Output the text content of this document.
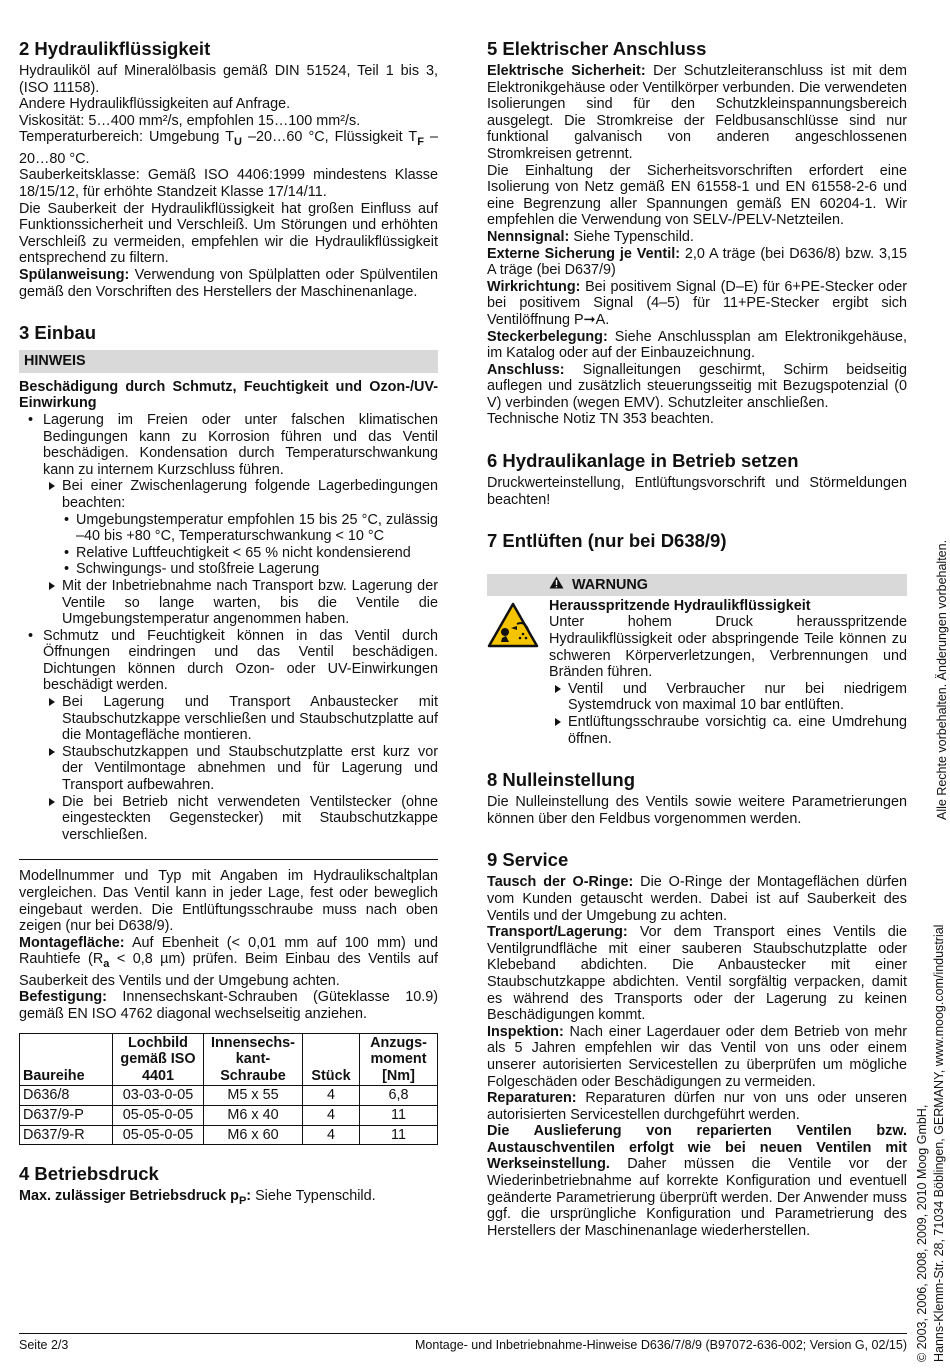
2 Hydraulikflüssigkeit

Hydrauliköl auf Mineralölbasis gemäß DIN 51524, Teil 1 bis 3, (ISO 11158).

Andere Hydraulikflüssigkeiten auf Anfrage.

Viskosität: 5…400 mm²/s, empfohlen 15…100 mm²/s.

Temperaturbereich: Umgebung $T_U$ –20…60 °C, Flüssigkeit $T_F$ –20…80 °C.

Sauberkeitsklasse: Gemäß ISO 4406:1999 mindestens Klasse 18/15/12, für erhöhte Standzeit Klasse 17/14/11.

Die Sauberkeit der Hydraulikflüssigkeit hat großen Einfluss auf Funktionssicherheit und Verschleiß. Um Störungen und erhöhten Verschleiß zu vermeiden, empfehlen wir die Hydraulikflüssigkeit entsprechend zu filtern.

Spülanweisung: Verwendung von Spülplatten oder Spülventilen gemäß den Vorschriften des Herstellers der Maschinenanlage.

3 Einbau
HINWEIS

Beschädigung durch Schmutz, Feuchtigkeit und Ozon-/UV-Einwirkung

• Lagerung im Freien oder unter falschen klimatischen Bedingungen kann zu Korrosion führen und das Ventil beschädigen. Kondensation durch Temperaturschwankung kann zu internem Kurzschluss führen.
Bei einer Zwischenlagerung folgende Lagerbedingungen beachten:
• Umgebungstemperatur empfohlen 15 bis 25 °C, zulässig –40 bis +80 °C, Temperaturschwankung < 10 °C
• Relative Luftfeuchtigkeit < 65 % nicht kondensierend
• Schwingungs- und stoßfreie Lagerung
Mit der Inbetriebnahme nach Transport bzw. Lagerung der Ventile so lange warten, bis die Ventile die Umgebungstemperatur angenommen haben.
• Schmutz und Feuchtigkeit können in das Ventil durch Öffnungen eindringen und das Ventil beschädigen. Dichtungen können durch Ozon- oder UV-Einwirkungen beschädigt werden.
Bei Lagerung und Transport Anbaustecker mit Staubschutzkappe verschließen und Staubschutzplatte auf die Montagefläche montieren.
Staubschutzkappen und Staubschutzplatte erst kurz vor der Ventilmontage abnehmen und für Lagerung und Transport aufbewahren.
Die bei Betrieb nicht verwendeten Ventilstecker (ohne eingesteckten Gegenstecker) mit Staubschutzkappe verschließen.

Modellnummer und Typ mit Angaben im Hydraulikschaltplan vergleichen. Das Ventil kann in jeder Lage, fest oder beweglich eingebaut werden. Die Entlüftungsschraube muss nach oben zeigen (nur bei D638/9).

Montagefläche: Auf Ebenheit (< 0,01 mm auf 100 mm) und Rauhtiefe ($R_a < 0,8$ µm) prüfen. Beim Einbau des Ventils auf Sauberkeit des Ventils und der Umgebung achten.

Befestigung: Innensechskant-Schrauben (Güteklasse 10.9) gemäß EN ISO 4762 diagonal wechselseitig anziehen.

Baureihe	Lochbild gemäß ISO 4401	Innensechs-kant-Schraube	Stück	Anzugs-moment [Nm]
D636/8	03-03-0-05	M5 x 55	4	6,8
D637/9-P	05-05-0-05	M6 x 40	4	11
D637/9-R	05-05-0-05	M6 x 60	4	11
4 Betriebsdruck

Max. zulässiger Betriebsdruck $p_P$: Siehe Typenschild.

5 Elektrischer Anschluss

Elektrische Sicherheit: Der Schutzleiteranschluss ist mit dem Elektronikgehäuse oder Ventilkörper verbunden. Die verwendeten Isolierungen sind für den Schutzkleinspannungsbereich ausgelegt. Die Stromkreise der Feldbusanschlüsse sind nur funktional galvanisch von anderen angeschlossenen Stromkreisen getrennt.

Die Einhaltung der Sicherheitsvorschriften erfordert eine Isolierung von Netz gemäß EN 61558-1 und EN 61558-2-6 und eine Begrenzung aller Spannungen gemäß EN 60204-1. Wir empfehlen die Verwendung von SELV-/PELV-Netzteilen.

Nennsignal: Siehe Typenschild.

Externe Sicherung je Ventil: 2,0 A träge (bei D636/8) bzw. 3,15 A träge (bei D637/9)

Wirkrichtung: Bei positivem Signal (D–E) für 6+PE-Stecker oder bei positivem Signal (4–5) für 11+PE-Stecker ergibt sich Ventilöffnung P➞A.

Steckerbelegung: Siehe Anschlussplan am Elektronikgehäuse, im Katalog oder auf der Einbauzeichnung.

Anschluss: Signalleitungen geschirmt, Schirm beidseitig auflegen und zusätzlich steuerungsseitig mit Bezugspotenzial (0 V) verbinden (wegen EMV). Schutzleiter anschließen.

Technische Notiz TN 353 beachten.

6 Hydraulikanlage in Betrieb setzen

Druckwerteinstellung, Entlüftungsvorschrift und Störmeldungen beachten!

7 Entlüften (nur bei D638/9)
WARNUNG

Herausspritzende Hydraulikflüssigkeit

Unter hohem Druck herausspritzende Hydraulikflüssigkeit oder abspringende Teile können zu schweren Körperverletzungen, Verbrennungen und Bränden führen.

Ventil und Verbraucher nur bei niedrigem Systemdruck von maximal 10 bar entlüften.
Entlüftungsschraube vorsichtig ca. eine Umdrehung öffnen.
8 Nulleinstellung

Die Nulleinstellung des Ventils sowie weitere Parametrierungen können über den Feldbus vorgenommen werden.

9 Service

Tausch der O-Ringe: Die O-Ringe der Montageflächen dürfen vom Kunden getauscht werden. Dabei ist auf Sauberkeit des Ventils und der Umgebung zu achten.

Transport/Lagerung: Vor dem Transport eines Ventils die Ventilgrundfläche mit einer sauberen Staubschutzplatte oder Klebeband abdichten. Die Anbaustecker mit einer Staubschutzkappe abdichten. Ventil sorgfältig verpacken, damit es während des Transports oder der Lagerung zu keinen Beschädigungen kommt.

Inspektion: Nach einer Lagerdauer oder dem Betrieb von mehr als 5 Jahren empfehlen wir das Ventil von uns oder einem unserer autorisierten Servicestellen zu überprüfen um mögliche Folgeschäden oder Beschädigungen zu vermeiden.

Reparaturen: Reparaturen dürfen nur von uns oder unseren autorisierten Servicestellen durchgeführt werden.

Die Auslieferung von reparierten Ventilen bzw. Austauschventilen erfolgt wie bei neuen Ventilen mit Werkseinstellung. Daher müssen die Ventile vor der Wiederinbetriebnahme auf korrekte Konfiguration und eventuell geänderte Parametrierung überprüft werden. Der Anwender muss ggf. die ursprüngliche Konfiguration und Parametrierung des Herstellers der Maschinenanlage wiederherstellen.

Seite 2/3	Montage- und Inbetriebnahme-Hinweise D636/7/8/9 (B97072-636-002; Version G, 02/15)
Alle Rechte vorbehalten. Änderungen vorbehalten.
© 2003, 2006, 2008, 2009, 2010 Moog GmbH, Hanns-Klemm-Str. 28, 71034 Böblingen, GERMANY, www.moog.com/industrial
